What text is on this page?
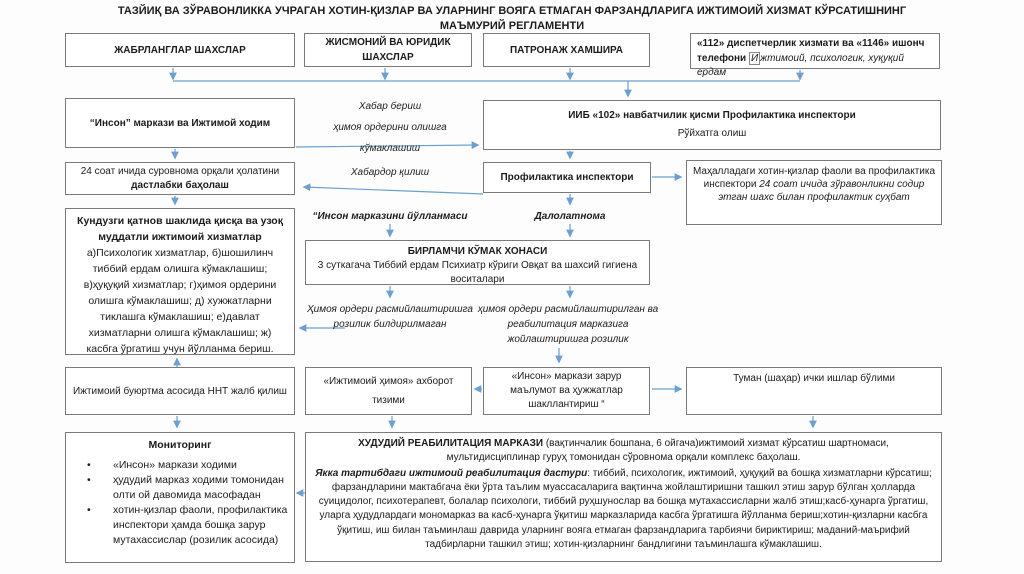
ТАЗЙИҚ ВА ЗЎРАВОНЛИККА УЧРАГАН ХОТИН-ҚИЗЛАР ВА УЛАРНИНГ ВОЯГА ЕТМАГАН ФАРЗАНДЛАРИГА ИЖТИМОИЙ ХИЗМАТ КЎРСАТИШНИНГ МАЪМУРИЙ РЕГЛАМЕНТИ
ЖАБРЛАНГЛАР ШАХСЛАР
ЖИСМОНИЙ ВА ЮРИДИК ШАХСЛАР
ПАТРОНАЖ ХАМШИРА
«112» диспетчерлик хизмати ва «1146» ишонч
телефони И жтимоий, психологик, хуқуқий ердам
“Инсон” маркази ва Ижтимой ходим
Хабар бериш
ҳимоя ордерини олишга
кўмаклашиш
ИИБ «102» навбатчилик қисми Профилактика инспектори
Рўйхатга олиш
24 соат ичида суровнома орқали ҳолатини
дастлабки баҳолаш
Хабардор қилиш	Профилактика инспектори
Маҳалладаги хотин-қизлар фаоли ва профилактика инспектори 24 соат ичида зўравонликни содир этган шахс билан профилактик суҳбат
“Инсон марказини йўлланмаси	Далолатнома
Кундузги қатнов шаклида қисқа ва узоқ муддатли ижтимоий хизматлар а)Психологик хизматлар, б)шошилинч тиббий ердам олишга кўмаклашиш; в)ҳуқуқий хизматлар; г)ҳимоя ордерини олишга кўмаклашиш; д) хужжатларни тиклашга кўмаклашиш; е)давлат хизматларни олишга кўмаклашиш; ж) касбга ўргатиш учун йўлланма бериш.
БИРЛАМЧИ КЎМАК ХОНАСИ
3 суткагача Тиббий ердам Психиатр кўриги Овқат ва шахсий гигиена воситалари
Ҳимоя ордери расмийлаштиришга розилик билдирилмаган
ҳимоя ордери расмийлаштирилган ва реабилитация марказига жойлаштиришга розилик
Ижтимоий буюртма асосида ННТ жалб қилиш
«Ижтимоий ҳимоя» ахборот тизими
«Инсон» маркази зарур маълумот ва ҳужжатлар шакллантириш “
Туман (шаҳар) ички ишлар бўлими
Мониторинг
•
«Инсон» маркази ходими
•
ҳудудий марказ ходими томонидан олти ой давомида масофадан
•
хотин-қизлар фаоли, профилактика инспектори ҳамда бошқа зарур мутахассислар (розилик асосида)

ХУДУДИЙ РЕАБИЛИТАЦИЯ МАРКАЗИ (вақтинчалик бошпана, 6 ойгача)ижтимоий хизмат кўрсатиш шартномаси, мультидисциплинар гуруҳ томонидан сўровнома орқали комплекс баҳолаш.

Якка тартибдаги ижтимоий реабилитация дастури: тиббий, психологик, ижтимоий, ҳуқуқий ва бошқа хизматларни кўрсатиш; фарзандларини мактабгача ёки ўрта таълим муассасаларига вақтинча жойлаштиришни ташкил этиш зарур бўлган ҳолларда суицидолог, психотерапевт, болалар психологи, тиббий руҳшунослар ва бошқа мутахассисларни жалб этиш;касб-ҳунарга ўргатиш, уларга ҳудудлардаги мономарказ ва касб-ҳунарга ўқитиш марказларида касбга ўргатишга йўлланма бериш;хотин-қизларни касбга ўқитиш, иш билан таъминлаш даврида уларнинг вояга етмаган фарзандларига тарбиячи бириктириш; маданий-маърифий тадбирларни ташкил этиш; хотин-қизларнинг бандлигини таъминлашга кўмаклашиш.
